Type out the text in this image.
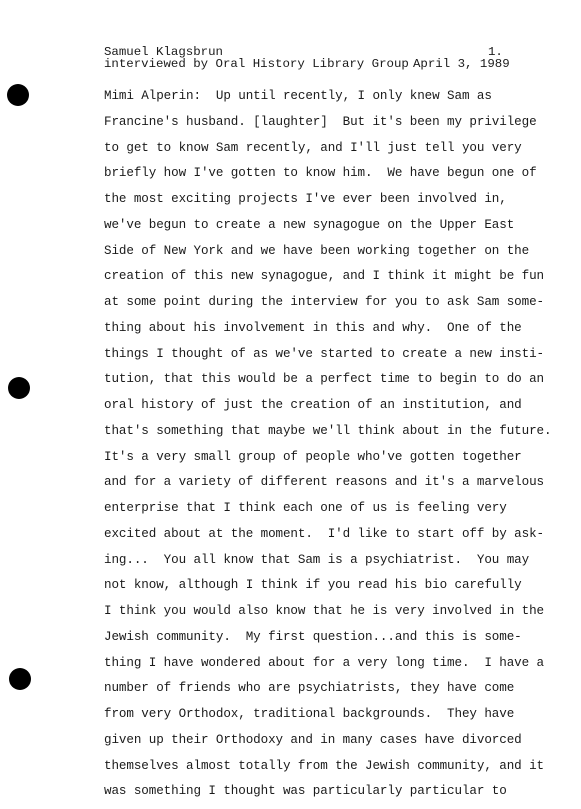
Samuel Klagsbrun	1.
interviewed by Oral History Library Group April 3, 1989
Mimi Alperin:  Up until recently, I only knew Sam as
Francine's husband. [laughter]  But it's been my privilege
to get to know Sam recently, and I'll just tell you very
briefly how I've gotten to know him.  We have begun one of
the most exciting projects I've ever been involved in,
we've begun to create a new synagogue on the Upper East
Side of New York and we have been working together on the
creation of this new synagogue, and I think it might be fun
at some point during the interview for you to ask Sam some-
thing about his involvement in this and why.  One of the
things I thought of as we've started to create a new insti-
tution, that this would be a perfect time to begin to do an
oral history of just the creation of an institution, and
that's something that maybe we'll think about in the future.
It's a very small group of people who've gotten together
and for a variety of different reasons and it's a marvelous
enterprise that I think each one of us is feeling very
excited about at the moment.  I'd like to start off by ask-
ing...  You all know that Sam is a psychiatrist.  You may
not know, although I think if you read his bio carefully
I think you would also know that he is very involved in the
Jewish community.  My first question...and this is some-
thing I have wondered about for a very long time.  I have a
number of friends who are psychiatrists, they have come
from very Orthodox, traditional backgrounds.  They have
given up their Orthodoxy and in many cases have divorced
themselves almost totally from the Jewish community, and it
was something I thought was particularly particular to
